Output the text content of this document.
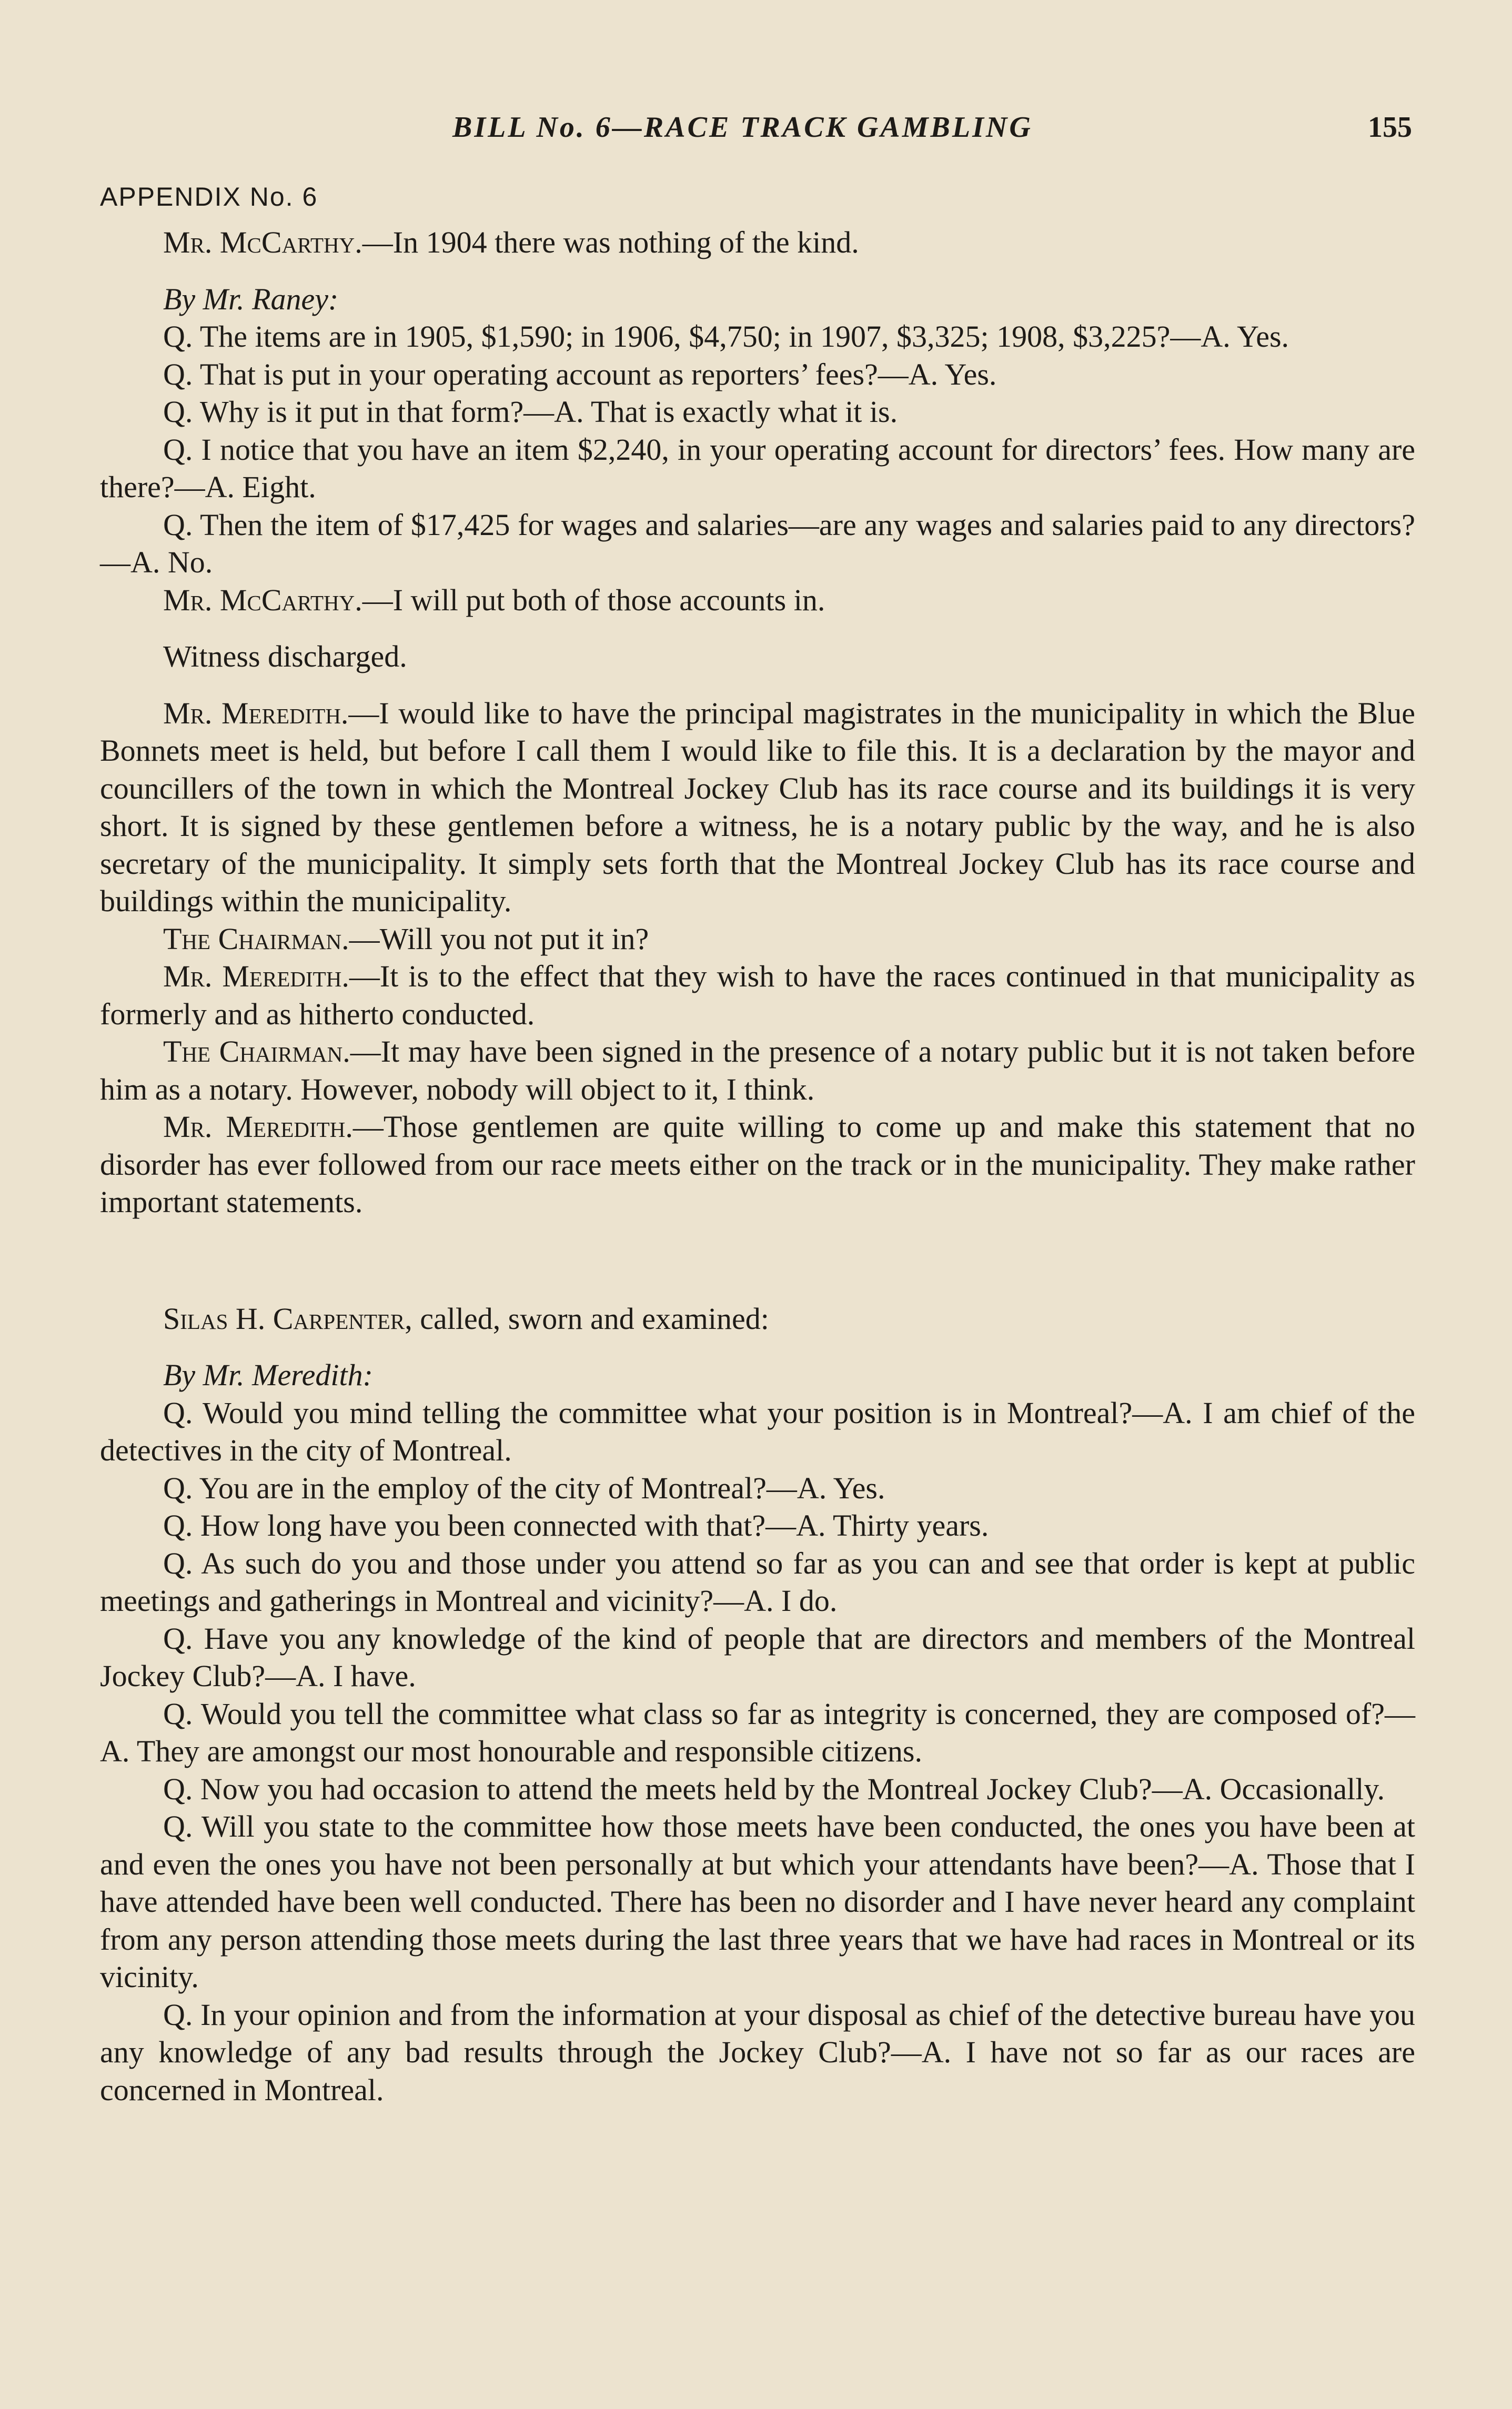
BILL No. 6—RACE TRACK GAMBLING	155
APPENDIX No. 6

Mr. McCarthy.—In 1904 there was nothing of the kind.

By Mr. Raney:

Q. The items are in 1905, $1,590; in 1906, $4,750; in 1907, $3,325; 1908, $3,225?—A. Yes.

Q. That is put in your operating account as reporters’ fees?—A. Yes.

Q. Why is it put in that form?—A. That is exactly what it is.

Q. I notice that you have an item $2,240, in your operating account for directors’ fees. How many are there?—A. Eight.

Q. Then the item of $17,425 for wages and salaries—are any wages and salaries paid to any directors?—A. No.

Mr. McCarthy.—I will put both of those accounts in.

Witness discharged.

Mr. Meredith.—I would like to have the principal magistrates in the municipality in which the Blue Bonnets meet is held, but before I call them I would like to file this. It is a declaration by the mayor and councillers of the town in which the Montreal Jockey Club has its race course and its buildings it is very short. It is signed by these gentlemen before a witness, he is a notary public by the way, and he is also secretary of the municipality. It simply sets forth that the Montreal Jockey Club has its race course and buildings within the municipality.

The Chairman.—Will you not put it in?

Mr. Meredith.—It is to the effect that they wish to have the races continued in that municipality as formerly and as hitherto conducted.

The Chairman.—It may have been signed in the presence of a notary public but it is not taken before him as a notary. However, nobody will object to it, I think.

Mr. Meredith.—Those gentlemen are quite willing to come up and make this statement that no disorder has ever followed from our race meets either on the track or in the municipality. They make rather important statements.

Silas H. Carpenter, called, sworn and examined:

By Mr. Meredith:

Q. Would you mind telling the committee what your position is in Montreal?—A. I am chief of the detectives in the city of Montreal.

Q. You are in the employ of the city of Montreal?—A. Yes.

Q. How long have you been connected with that?—A. Thirty years.

Q. As such do you and those under you attend so far as you can and see that order is kept at public meetings and gatherings in Montreal and vicinity?—A. I do.

Q. Have you any knowledge of the kind of people that are directors and members of the Montreal Jockey Club?—A. I have.

Q. Would you tell the committee what class so far as integrity is concerned, they are composed of?—A. They are amongst our most honourable and responsible citizens.

Q. Now you had occasion to attend the meets held by the Montreal Jockey Club?—A. Occasionally.

Q. Will you state to the committee how those meets have been conducted, the ones you have been at and even the ones you have not been personally at but which your attendants have been?—A. Those that I have attended have been well conducted. There has been no disorder and I have never heard any complaint from any person attending those meets during the last three years that we have had races in Montreal or its vicinity.

Q. In your opinion and from the information at your disposal as chief of the detective bureau have you any knowledge of any bad results through the Jockey Club?—A. I have not so far as our races are concerned in Montreal.
